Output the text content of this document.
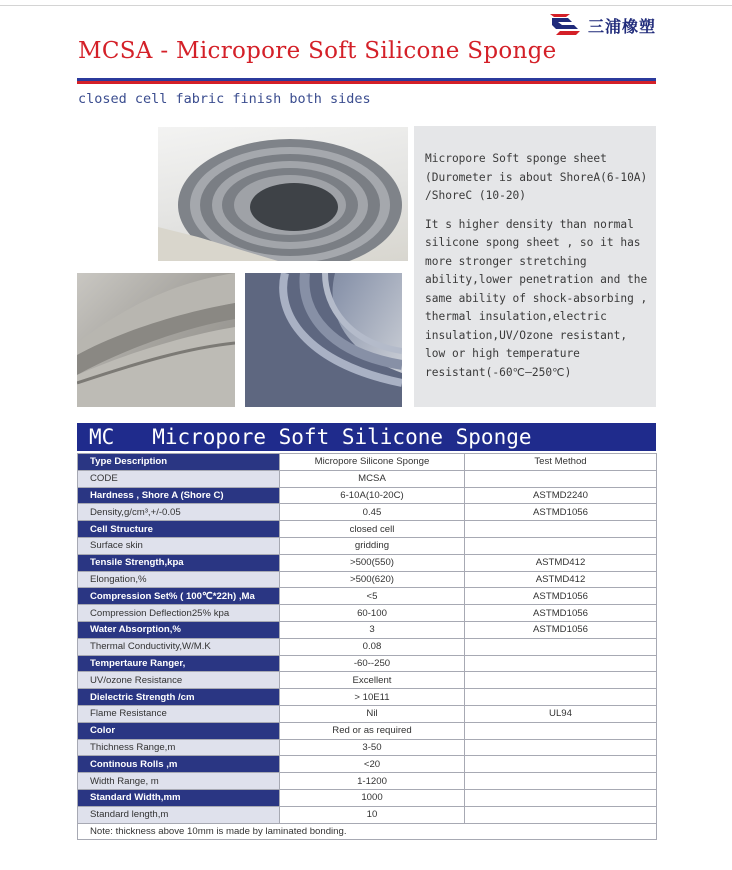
三浦橡塑
MCSA - Micropore Soft Silicone Sponge
closed cell fabric finish both sides

Micropore Soft sponge sheet (Durometer is about ShoreA(6-10A) /ShoreC (10-20)

It s higher density than normal silicone spong sheet , so it has more stronger stretching ability,lower penetration and the same ability of shock-absorbing , thermal insulation,electric insulation,UV/Ozone resistant, low or high temperature resistant(-60℃—250℃)

MC   Micropore Soft Silicone Sponge
Type Description	Micropore Silicone Sponge	Test Method
CODE	MCSA	
Hardness , Shore A (Shore C)	6-10A(10-20C)	ASTMD2240
Density,g/cm³,+/-0.05	0.45	ASTMD1056
Cell Structure	closed cell	
Surface skin	gridding	
Tensile Strength,kpa	>500(550)	ASTMD412
Elongation,%	>500(620)	ASTMD412
Compression Set% ( 100℃*22h) ,Ma	<5	ASTMD1056
Compression Deflection25% kpa	60-100	ASTMD1056
Water Absorption,%	3	ASTMD1056
Thermal Conductivity,W/M.K	0.08	
Tempertaure Ranger,	-60--250	
UV/ozone Resistance	Excellent	
Dielectric Strength /cm	> 10E11	
Flame Resistance	Nil	UL94
Color	Red or as required	
Thichness Range,m	3-50	
Continous Rolls ,m	<20	
Width Range, m	1-1200	
Standard Width,mm	1000	
Standard length,m	10	
Note: thickness above 10mm is made by laminated bonding.		
